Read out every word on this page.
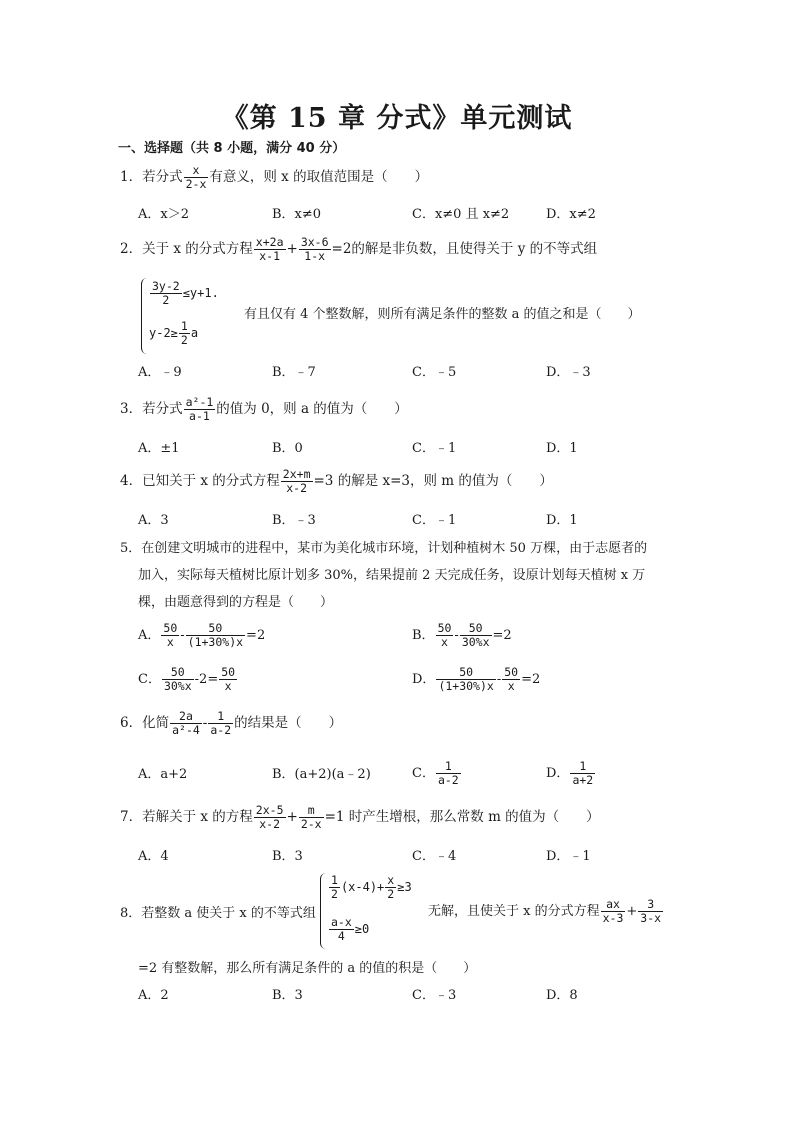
《第 15 章 分式》单元测试
一、选择题（共 8 小题，满分 40 分）
1．若分式 $\frac{x}{2-x}$ 有意义，则 x 的取值范围是（　　）
A．x＞2	B．x≠0	C．x≠0 且 x≠2	D．x≠2
2．关于 x 的分式方程 $\frac{x+2a}{x-1} + \frac{3x-6}{1-x} =2$的解是非负数，且使得关于 y 的不等式组
$\frac{3y-2}{2} \le y+1$.
$y-2\ge \frac{1}{2}$ a
有且仅有 4 个整数解，则所有满足条件的整数 a 的值之和是（　　）
A．﹣9	B．﹣7	C．﹣5	D．﹣3
3．若分式 $\frac{\text{a²-1}}{a-1}$ 的值为 0，则 a 的值为（　　）
A．±1	B．0	C．﹣1	D．1
4．已知关于 x 的分式方程 $\frac{2x+m}{x-2} =3$ 的解是 x=3，则 m 的值为（　　）
A．3	B．﹣3	C．﹣1	D．1
5．在创建文明城市的进程中，某市为美化城市环境，计划种植树木 50 万棵，由于志愿者的
加入，实际每天植树比原计划多 30%，结果提前 2 天完成任务，设原计划每天植树 x 万
棵，由题意得到的方程是（　　）
A． $\frac{50}{x} - \frac{50}{(1+30\%)x} =2$	B． $\frac{50}{x} - \frac{50}{30\%x} =2$
C． $\frac{50}{30\%x} -2= \frac{50}{x}$	D． $\frac{50}{(1+30\%)x} - \frac{50}{x} =2$
6．化简 $\frac{2a}{\text{a²-4}} - \frac{1}{a-2}$ 的结果是（　　）
A．a+2	B．(a+2)(a﹣2)	C． $\frac{1}{a-2}$	D． $\frac{1}{a+2}$
7．若解关于 x 的方程 $\frac{2x-5}{x-2} + \frac{m}{2-x} =1$ 时产生增根，那么常数 m 的值为（　　）
A．4	B．3	C．﹣4	D．﹣1
8．若整数 a 使关于 x 的不等式组
$\frac{1}{2} (x-4)+ \frac{x}{2} \ge 3$
$\frac{a-x}{4} \ge 0$
无解，且使关于 x 的分式方程 $\frac{ax}{x-3} + \frac{3}{3-x}$
=2 有整数解，那么所有满足条件的 a 的值的积是（　　）
A．2	B．3	C．﹣3	D．8
